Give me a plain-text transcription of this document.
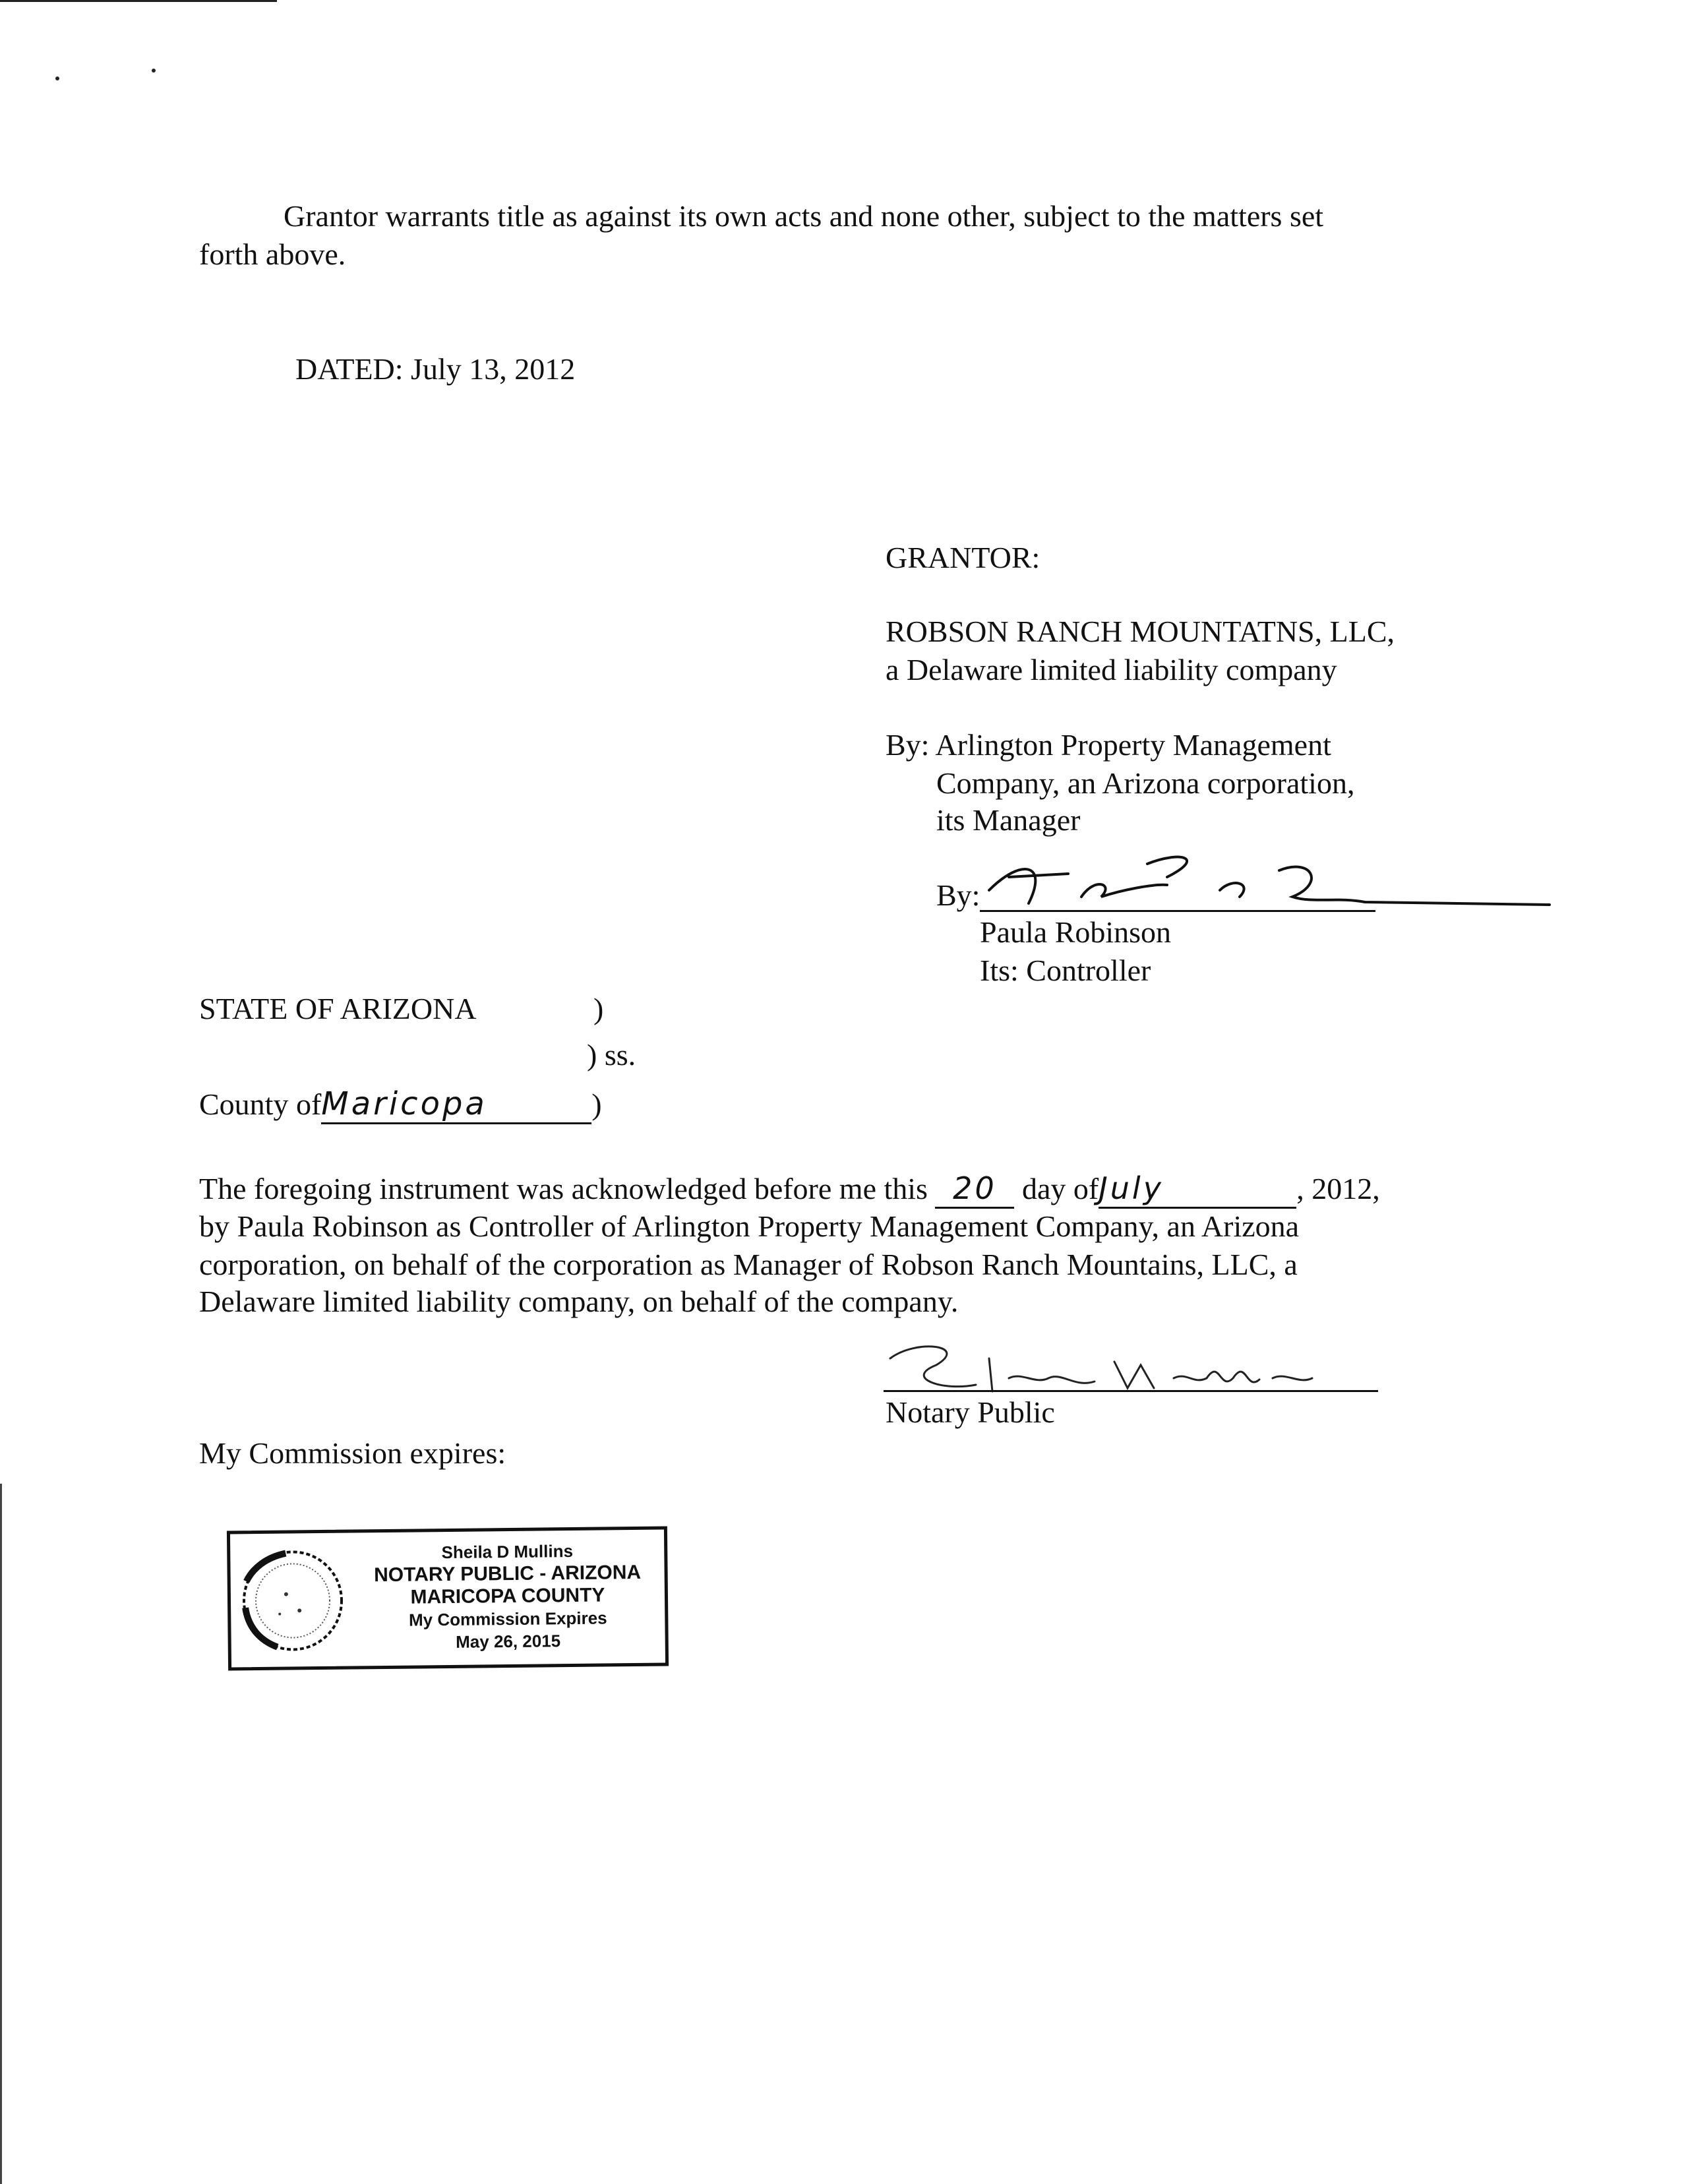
Grantor warrants title as against its own acts and none other, subject to the matters set
forth above.
DATED: July 13, 2012
GRANTOR:
ROBSON RANCH MOUNTATNS, LLC,
a Delaware limited liability company
By: Arlington Property Management
Company, an Arizona corporation,
its Manager
By:
Paula Robinson
Its: Controller
STATE OF ARIZONA	)
) ss.
County ofMaricopa	)
The foregoing instrument was acknowledged before me this 20 day ofJuly	, 2012,
by Paula Robinson as Controller of Arlington Property Management Company, an Arizona
corporation, on behalf of the corporation as Manager of Robson Ranch Mountains, LLC, a
Delaware limited liability company, on behalf of the company.
Notary Public
My Commission expires:
Sheila D Mullins
NOTARY PUBLIC - ARIZONA
MARICOPA COUNTY
My Commission Expires
May 26, 2015
